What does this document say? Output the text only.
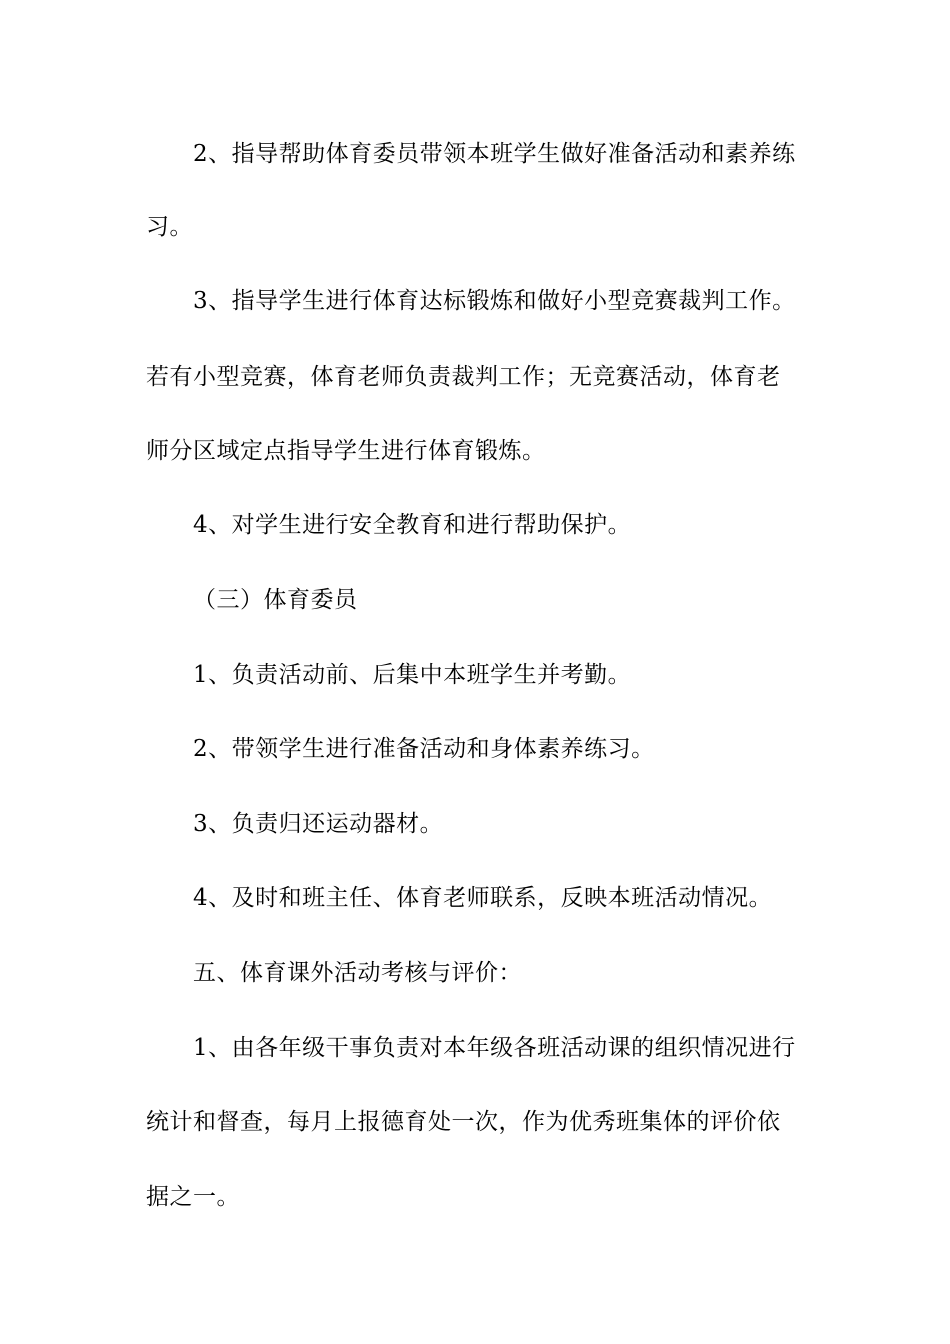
2、指导帮助体育委员带领本班学生做好准备活动和素养练
习。
3、指导学生进行体育达标锻炼和做好小型竞赛裁判工作。
若有小型竞赛，体育老师负责裁判工作；无竞赛活动，体育老
师分区域定点指导学生进行体育锻炼。
4、对学生进行安全教育和进行帮助保护。
（三）体育委员
1、负责活动前、后集中本班学生并考勤。
2、带领学生进行准备活动和身体素养练习。
3、负责归还运动器材。
4、及时和班主任、体育老师联系，反映本班活动情况。
五、体育课外活动考核与评价：
1、由各年级干事负责对本年级各班活动课的组织情况进行
统计和督查，每月上报德育处一次，作为优秀班集体的评价依
据之一。
